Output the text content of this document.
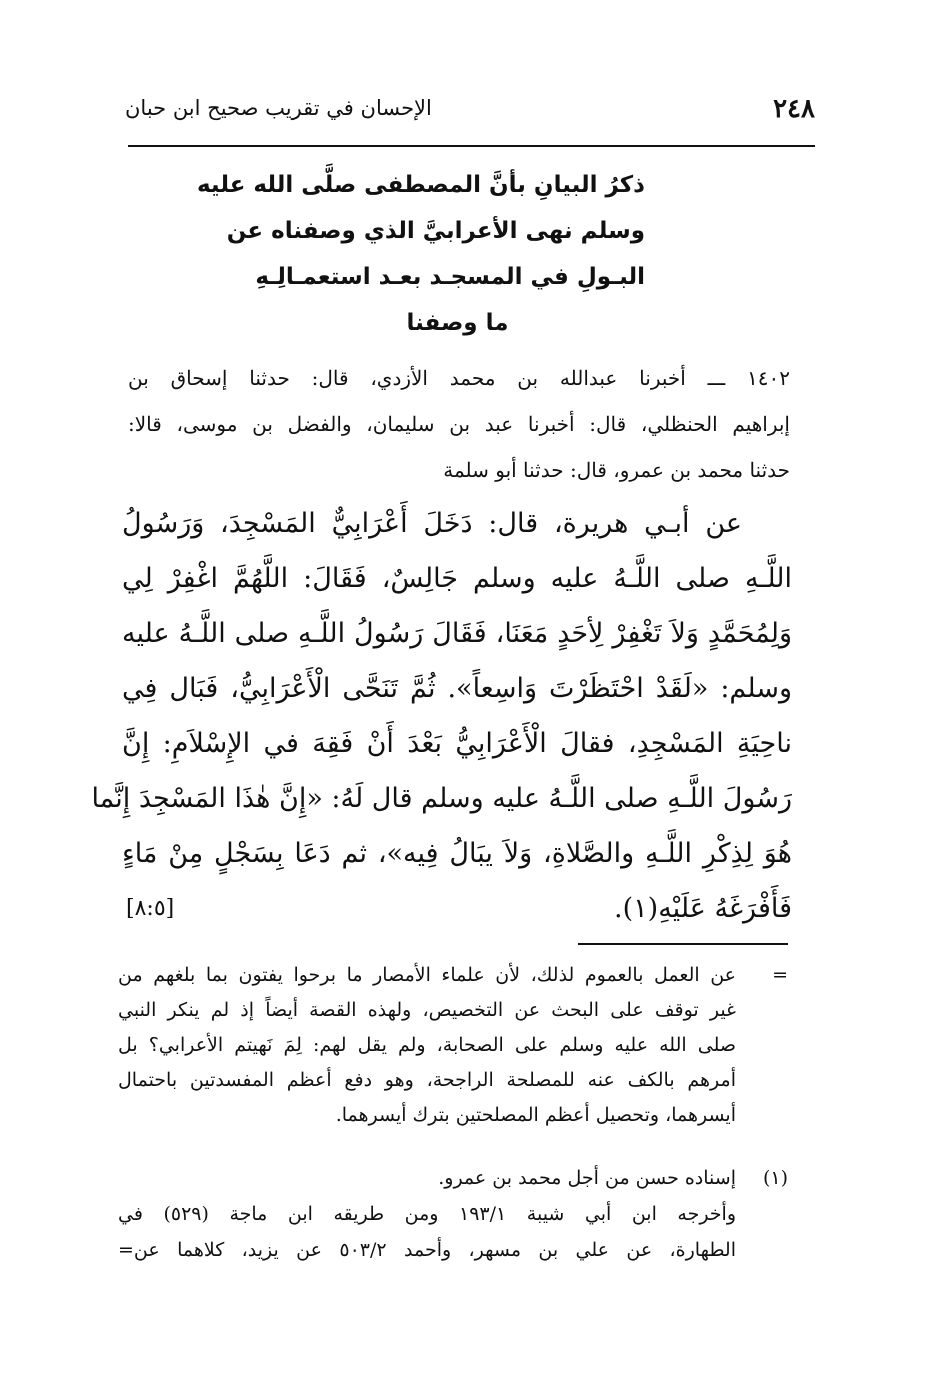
٢٤٨
الإحسان في تقريب صحيح ابن حبان
ذكرُ البيانِ بأنَّ المصطفى صلَّى الله عليه
وسلم نهى الأعرابيَّ الذي وصفناه عن
البـولِ في المسجـد بعـد استعمـالِـهِ
ما وصفنا
١٤٠٢ ـــ أخبرنا عبدالله بن محمد الأزدي، قال: حدثنا إسحاق بن
إبراهيم الحنظلي، قال: أخبرنا عبد بن سليمان، والفضل بن موسى، قالا:
حدثنا محمد بن عمرو، قال: حدثنا أبو سلمة
عن أبـي هريرة، قال: دَخَلَ أَعْرَابِيٌّ المَسْجِدَ، وَرَسُولُ
اللَّـهِ صلى اللَّـهُ عليه وسلم جَالِسٌ، فَقَالَ: اللَّهُمَّ اغْفِرْ لِي
وَلِمُحَمَّدٍ وَلاَ تَغْفِرْ لِأحَدٍ مَعَنَا، فَقَالَ رَسُولُ اللَّـهِ صلى اللَّـهُ عليه
وسلم: «لَقَدْ احْتَظَرْتَ وَاسِعاً». ثُمَّ تَنَحَّى الْأَعْرَابِيُّ، فَبَال فِي
ناحِيَةِ المَسْجِدِ، فقالَ الْأَعْرَابِيُّ بَعْدَ أَنْ فَقِهَ في الإِسْلاَمِ: إِنَّ
رَسُولَ اللَّـهِ صلى اللَّـهُ عليه وسلم قال لَهُ: «إِنَّ هٰذَا المَسْجِدَ إِنَّما
هُوَ لِذِكْرِ اللَّـهِ والصَّلاةِ، وَلاَ يبَالُ فِيه»، ثم دَعَا بِسَجْلٍ مِنْ مَاءٍ
فَأَفْرَغَهُ عَلَيْهِ(١).
[٨:٥]
=
عن العمل بالعموم لذلك، لأن علماء الأمصار ما برحوا يفتون بما بلغهم من
غير توقف على البحث عن التخصيص، ولهذه القصة أيضاً إذ لم ينكر النبي
صلى الله عليه وسلم على الصحابة، ولم يقل لهم: لِمَ نَهيتم الأعرابي؟ بل
أمرهم بالكف عنه للمصلحة الراجحة، وهو دفع أعظم المفسدتين باحتمال
أيسرهما، وتحصيل أعظم المصلحتين بترك أيسرهما.
(١)
إسناده حسن من أجل محمد بن عمرو.
وأخرجه ابن أبي شيبة ١٩٣/١ ومن طريقه ابن ماجة (٥٢٩) في
الطهارة، عن علي بن مسهر، وأحمد ٥٠٣/٢ عن يزيد، كلاهما عن=
